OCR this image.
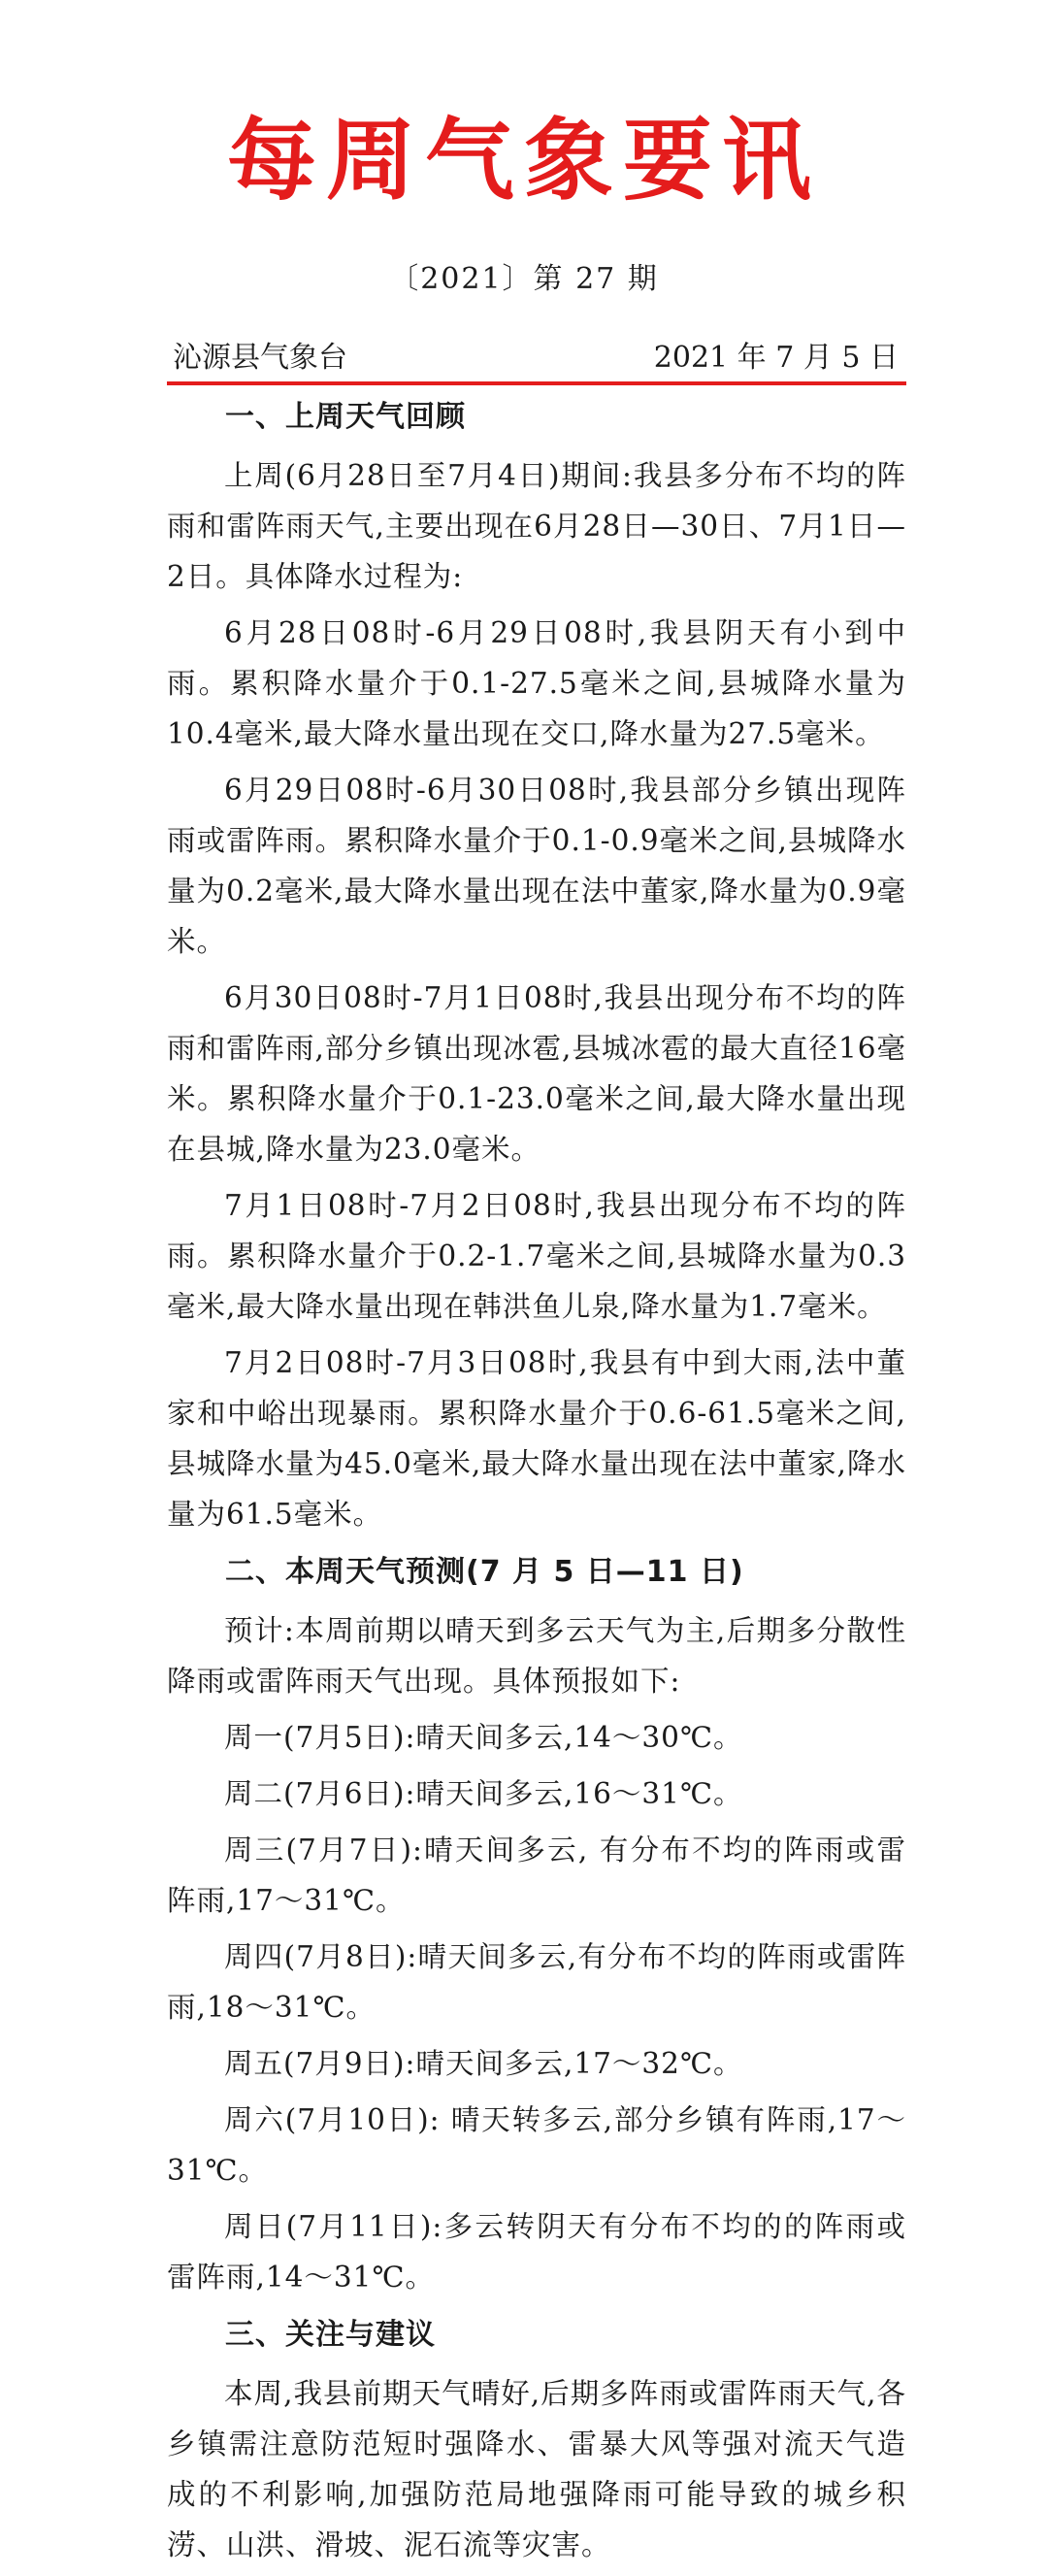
每周气象要讯
〔2021〕第 27 期
沁源县气象台	2021 年 7 月 5 日
一、上周天气回顾

上周(6月28日至7月4日)期间:我县多分布不均的阵雨和雷阵雨天气,主要出现在6月28日—30日、7月1日—2日。具体降水过程为:

6月28日08时-6月29日08时,我县阴天有小到中雨。累积降水量介于0.1-27.5毫米之间,县城降水量为10.4毫米,最大降水量出现在交口,降水量为27.5毫米。

6月29日08时-6月30日08时,我县部分乡镇出现阵雨或雷阵雨。累积降水量介于0.1-0.9毫米之间,县城降水量为0.2毫米,最大降水量出现在法中董家,降水量为0.9毫米。

6月30日08时-7月1日08时,我县出现分布不均的阵雨和雷阵雨,部分乡镇出现冰雹,县城冰雹的最大直径16毫米。累积降水量介于0.1-23.0毫米之间,最大降水量出现在县城,降水量为23.0毫米。

7月1日08时-7月2日08时,我县出现分布不均的阵雨。累积降水量介于0.2-1.7毫米之间,县城降水量为0.3毫米,最大降水量出现在韩洪鱼儿泉,降水量为1.7毫米。

7月2日08时-7月3日08时,我县有中到大雨,法中董家和中峪出现暴雨。累积降水量介于0.6-61.5毫米之间,县城降水量为45.0毫米,最大降水量出现在法中董家,降水量为61.5毫米。

二、本周天气预测(7 月 5 日—11 日)

预计:本周前期以晴天到多云天气为主,后期多分散性降雨或雷阵雨天气出现。具体预报如下:

周一(7月5日):晴天间多云,14～30℃。

周二(7月6日):晴天间多云,16～31℃。

周三(7月7日):晴天间多云, 有分布不均的阵雨或雷阵雨,17～31℃。

周四(7月8日):晴天间多云,有分布不均的阵雨或雷阵雨,18～31℃。

周五(7月9日):晴天间多云,17～32℃。

周六(7月10日): 晴天转多云,部分乡镇有阵雨,17～31℃。

周日(7月11日):多云转阴天有分布不均的的阵雨或雷阵雨,14～31℃。

三、关注与建议

本周,我县前期天气晴好,后期多阵雨或雷阵雨天气,各乡镇需注意防范短时强降水、雷暴大风等强对流天气造成的不利影响,加强防范局地强降雨可能导致的城乡积涝、山洪、滑坡、泥石流等灾害。
